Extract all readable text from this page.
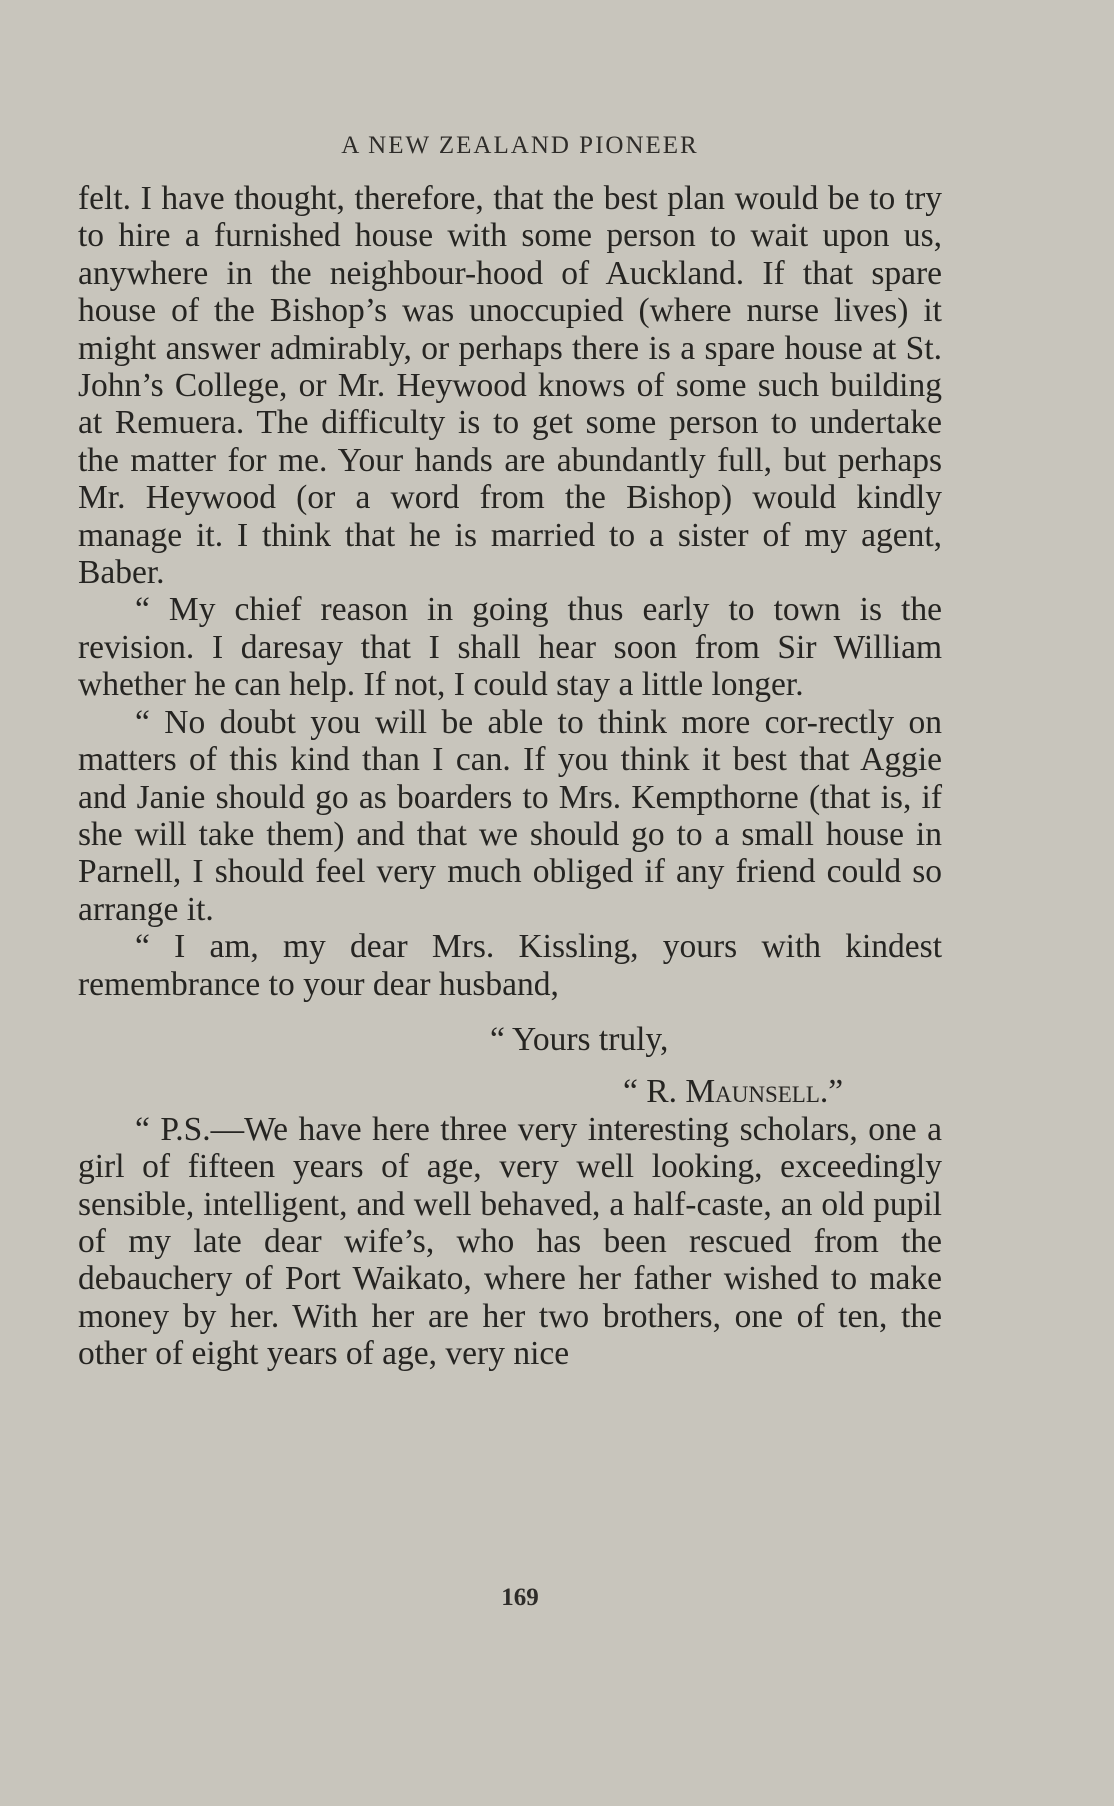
A NEW ZEALAND PIONEER

felt. I have thought, therefore, that the best plan would be to try to hire a furnished house with some person to wait upon us, anywhere in the neighbour-hood of Auckland. If that spare house of the Bishop’s was unoccupied (where nurse lives) it might answer admirably, or perhaps there is a spare house at St. John’s College, or Mr. Heywood knows of some such building at Remuera. The difficulty is to get some person to undertake the matter for me. Your hands are abundantly full, but perhaps Mr. Heywood (or a word from the Bishop) would kindly manage it. I think that he is married to a sister of my agent, Baber.

“ My chief reason in going thus early to town is the revision. I daresay that I shall hear soon from Sir William whether he can help. If not, I could stay a little longer.

“ No doubt you will be able to think more cor-rectly on matters of this kind than I can. If you think it best that Aggie and Janie should go as boarders to Mrs. Kempthorne (that is, if she will take them) and that we should go to a small house in Parnell, I should feel very much obliged if any friend could so arrange it.

“ I am, my dear Mrs. Kissling, yours with kindest remembrance to your dear husband,

“ Yours truly,

“ R. Maunsell.”

“ P.S.—We have here three very interesting scholars, one a girl of fifteen years of age, very well looking, exceedingly sensible, intelligent, and well behaved, a half-caste, an old pupil of my late dear wife’s, who has been rescued from the debauchery of Port Waikato, where her father wished to make money by her. With her are her two brothers, one of ten, the other of eight years of age, very nice

169
